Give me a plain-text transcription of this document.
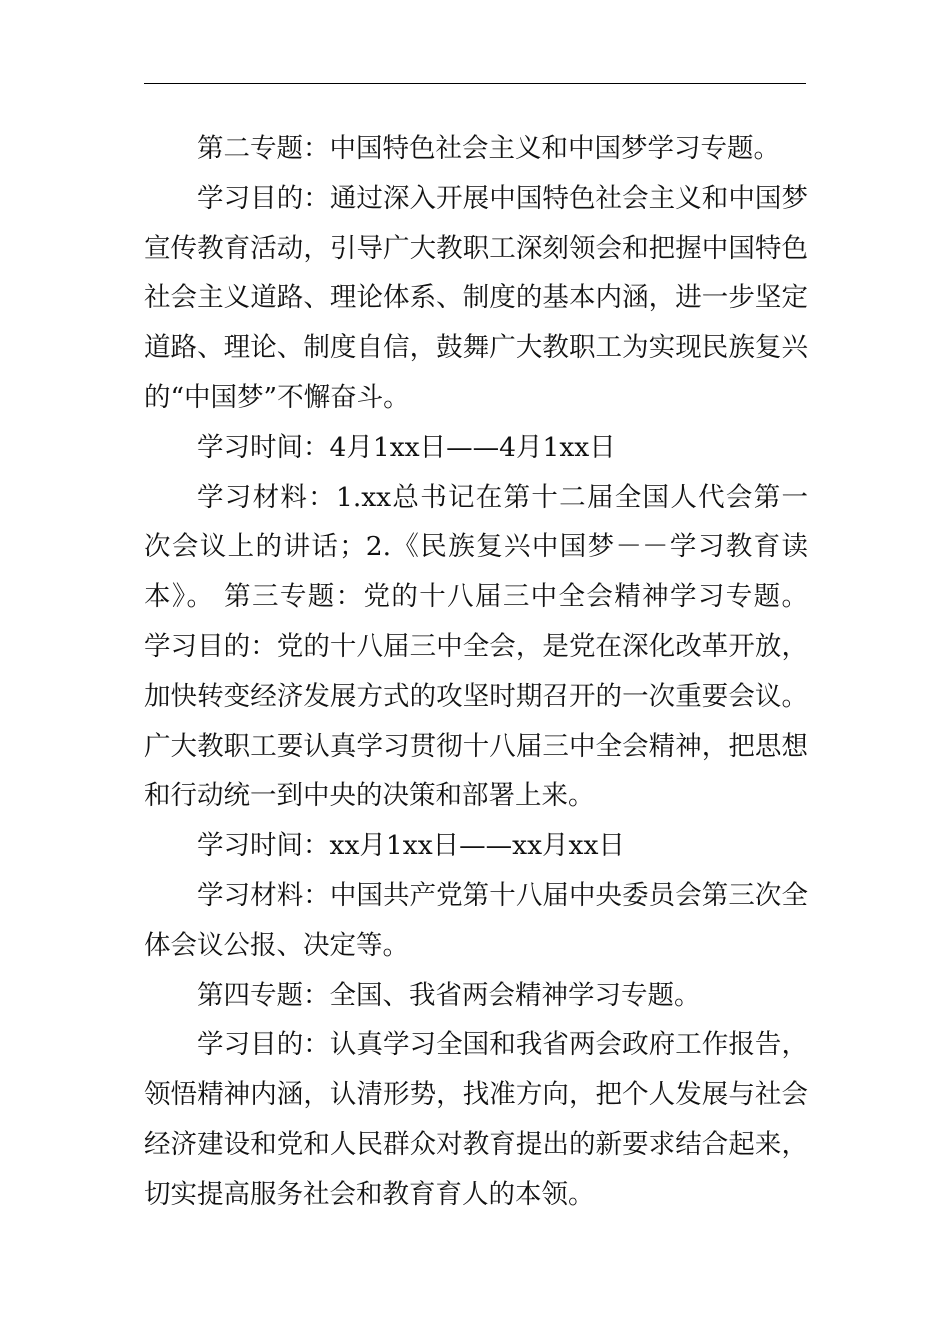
第二专题：中国特色社会主义和中国梦学习专题。

学习目的：通过深入开展中国特色社会主义和中国梦宣传教育活动，引导广大教职工深刻领会和把握中国特色社会主义道路、理论体系、制度的基本内涵，进一步坚定道路、理论、制度自信，鼓舞广大教职工为实现民族复兴的“中国梦”不懈奋斗。

学习时间：4月1xx日——4月1xx日

学习材料：1.xx总书记在第十二届全国人代会第一次会议上的讲话；2.《民族复兴中国梦－－学习教育读本》。 第三专题：党的十八届三中全会精神学习专题。 学习目的：党的十八届三中全会，是党在深化改革开放，加快转变经济发展方式的攻坚时期召开的一次重要会议。广大教职工要认真学习贯彻十八届三中全会精神，把思想和行动统一到中央的决策和部署上来。

学习时间：xx月1xx日——xx月xx日

学习材料：中国共产党第十八届中央委员会第三次全体会议公报、决定等。

第四专题：全国、我省两会精神学习专题。

学习目的：认真学习全国和我省两会政府工作报告，领悟精神内涵，认清形势，找准方向，把个人发展与社会经济建设和党和人民群众对教育提出的新要求结合起来，切实提高服务社会和教育育人的本领。
